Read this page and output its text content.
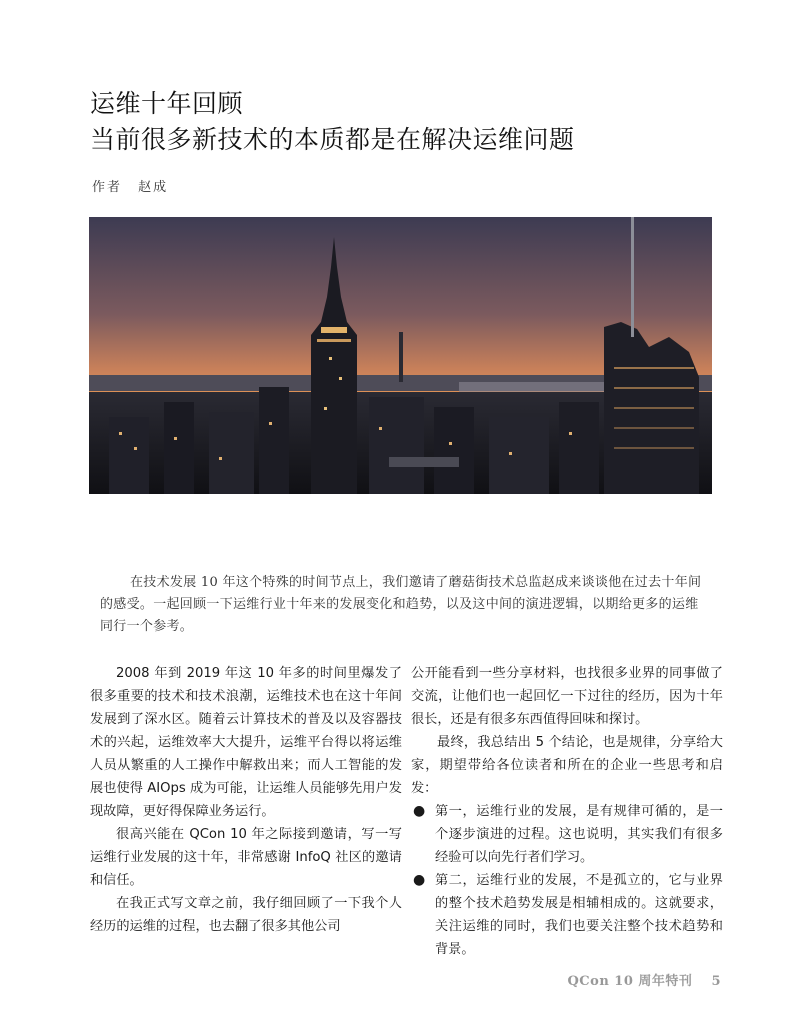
运维十年回顾
当前很多新技术的本质都是在解决运维问题
作者 赵成

在技术发展 10 年这个特殊的时间节点上，我们邀请了蘑菇街技术总监赵成来谈谈他在过去十年间的感受。一起回顾一下运维行业十年来的发展变化和趋势，以及这中间的演进逻辑，以期给更多的运维同行一个参考。

2008 年到 2019 年这 10 年多的时间里爆发了很多重要的技术和技术浪潮，运维技术也在这十年间发展到了深水区。随着云计算技术的普及以及容器技术的兴起，运维效率大大提升，运维平台得以将运维人员从繁重的人工操作中解救出来；而人工智能的发展也使得 AIOps 成为可能，让运维人员能够先用户发现故障，更好得保障业务运行。

很高兴能在 QCon 10 年之际接到邀请，写一写运维行业发展的这十年，非常感谢 InfoQ 社区的邀请和信任。

在我正式写文章之前，我仔细回顾了一下我个人经历的运维的过程，也去翻了很多其他公司

公开能看到一些分享材料，也找很多业界的同事做了交流，让他们也一起回忆一下过往的经历，因为十年很长，还是有很多东西值得回味和探讨。

最终，我总结出 5 个结论，也是规律，分享给大家，期望带给各位读者和所在的企业一些思考和启发：

● 第一，运维行业的发展，是有规律可循的，是一个逐步演进的过程。这也说明，其实我们有很多经验可以向先行者们学习。
● 第二，运维行业的发展，不是孤立的，它与业界的整个技术趋势发展是相辅相成的。这就要求，关注运维的同时，我们也要关注整个技术趋势和背景。
QCon 10 周年特刊 5
